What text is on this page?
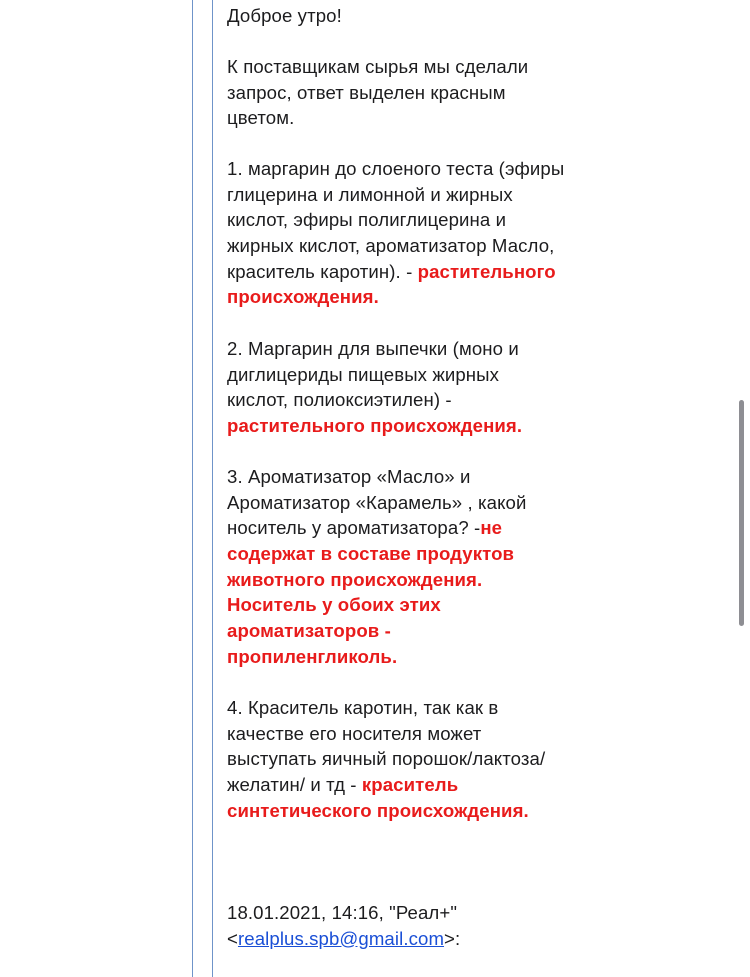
Доброе утро!
К поставщикам сырья мы сделали
запрос, ответ выделен красным
цветом.
1. маргарин до слоеного теста (эфиры
глицерина и лимонной и жирных
кислот, эфиры полиглицерина и
жирных кислот, ароматизатор Масло,
краситель каротин). - растительного
происхождения.
2. Маргарин для выпечки (моно и
диглицериды пищевых жирных
кислот, полиоксиэтилен) -
растительного происхождения.
3. Ароматизатор «Масло» и
Ароматизатор «Карамель» , какой
носитель у ароматизатора? -не
содержат в составе продуктов
животного происхождения.
Носитель у обоих этих
ароматизаторов -
пропиленгликоль.
4. Краситель каротин, так как в
качестве его носителя может
выступать яичный порошок/лактоза/
желатин/ и тд - краситель
синтетического происхождения.
18.01.2021, 14:16, "Реал+"
<realplus.spb@gmail.com>:
